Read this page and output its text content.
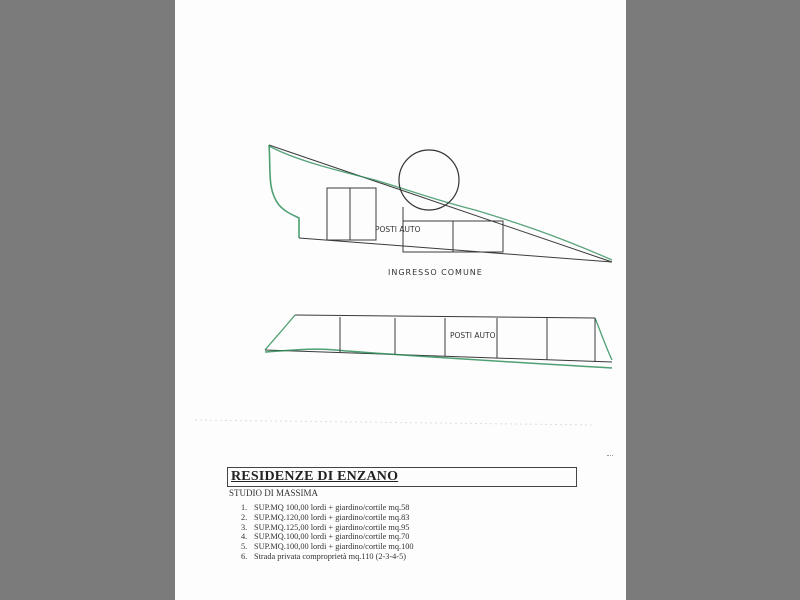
POSTI AUTO
INGRESSO COMUNE
POSTI AUTO
RESIDENZE DI ENZANO
STUDIO DI MASSIMA
1. SUP.MQ 100,00 lordi + giardino/cortile mq.58
2. SUP.MQ.120,00 lordi + giardino/cortile mq.83
3. SUP.MQ.125,00 lordi + giardino/cortile mq.95
4. SUP.MQ.100,00 lordi + giardino/cortile mq.70
5. SUP.MQ.100,00 lordi + giardino/cortile mq.100
6. Strada privata comproprietà mq.110 (2-3-4-5)
